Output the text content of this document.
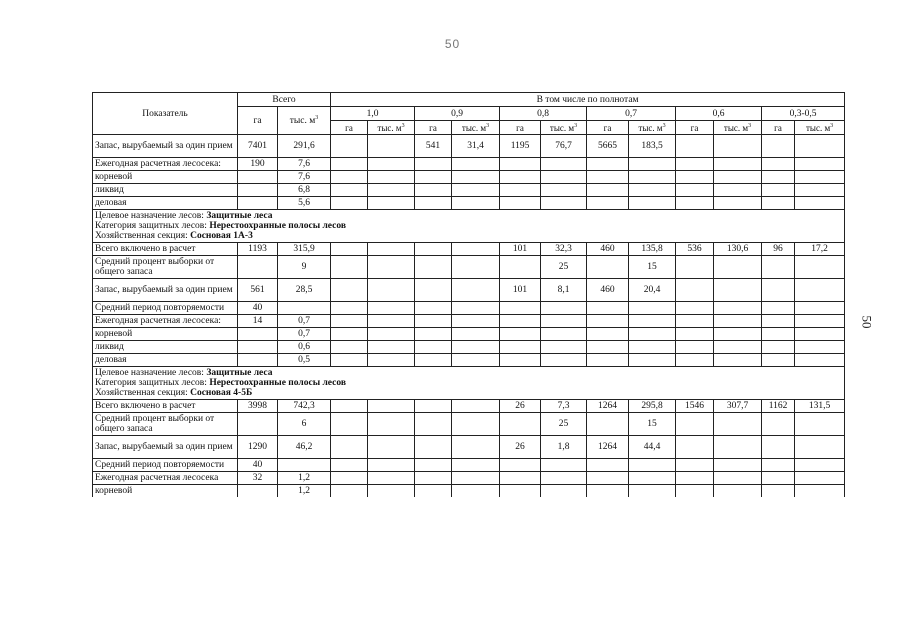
50
50
Показатель	Всего		В том числе по полнотам											
	га	тыс. $м^3$	1,0		0,9		0,8		0,7		0,6		0,3-0,5	
			га	тыс. $м^3$	га	тыс. $м^3$	га	тыс. $м^3$	га	тыс. $м^3$	га	тыс. $м^3$	га	тыс. $м^3$
Запас, вырубаемый за один прием	7401	291,6			541	31,4	1195	76,7	5665	183,5				
Ежегодная расчетная лесосека:	190	7,6												
корневой		7,6												
ликвид		6,8												
деловая		5,6												

Целевое назначение лесов: Защитные леса
Категория защитных лесов: Нерестоохранные полосы лесов
Хозяйственная секция: Сосновая 1А-3														

Всего включено в расчет	1193	315,9					101	32,3	460	135,8	536	130,6	96	17,2
Средний процент выборки от общего запаса		9						25		15				
Запас, вырубаемый за один прием	561	28,5					101	8,1	460	20,4				
Средний период повторяемости	40													
Ежегодная расчетная лесосека:	14	0,7												
корневой		0,7												
ликвид		0,6												
деловая		0,5												

Целевое назначение лесов: Защитные леса
Категория защитных лесов: Нерестоохранные полосы лесов
Хозяйственная секция: Сосновая 4-5Б														

Всего включено в расчет	3998	742,3					26	7,3	1264	295,8	1546	307,7	1162	131,5
Средний процент выборки от общего запаса		6						25		15				
Запас, вырубаемый за один прием	1290	46,2					26	1,8	1264	44,4				
Средний период повторяемости	40													
Ежегодная расчетная лесосека	32	1,2												
корневой		1,2												
